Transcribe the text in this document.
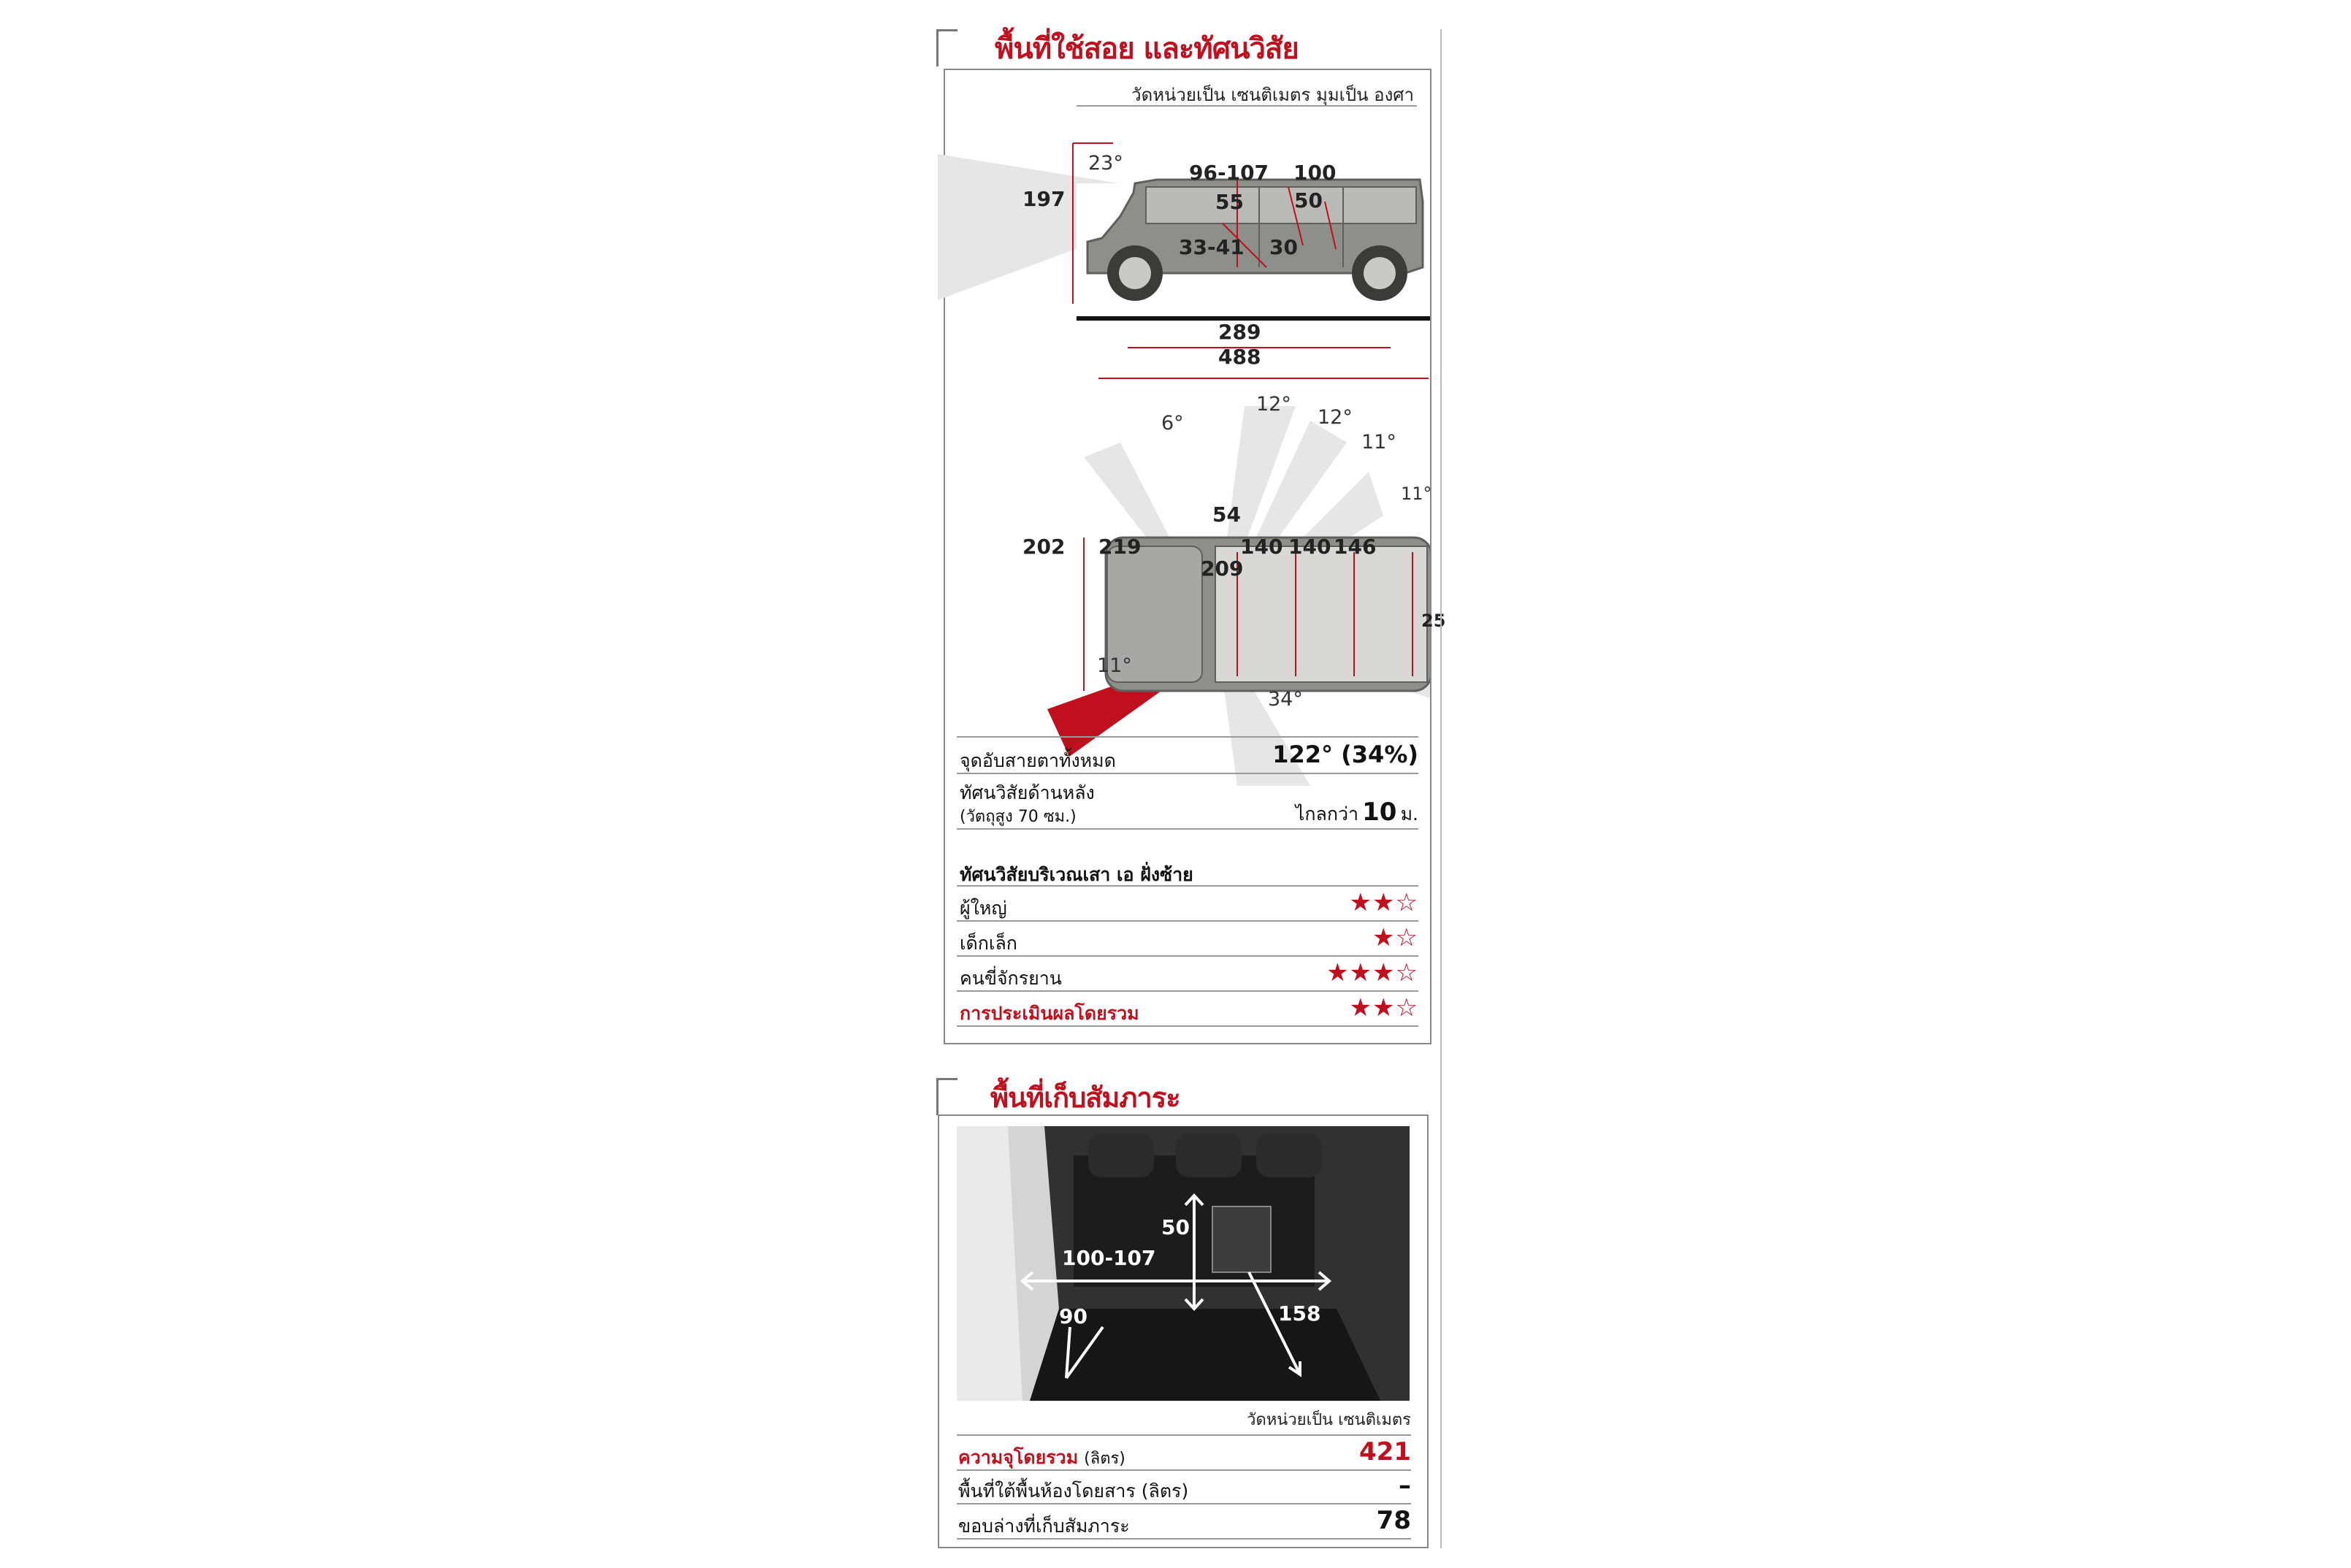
พื้นที่ใช้สอย และทัศนวิสัย
วัดหน่วยเป็น เซนติเมตร มุมเป็น องศา
197
23°	96-107 100
55 50
33-41 30
289
488
202 219
54
140 140 146
209
25
6°
12°
12°
11°
11°
11°
34°
จุดอับสายตาทั้งหมด	122° (34%)
ทัศนวิสัยด้านหลัง
(วัตถุสูง 70 ซม.)	ไกลกว่า 10 ม.
ทัศนวิสัยบริเวณเสา เอ ฝั่งซ้าย
ผู้ใหญ่	★★☆
เด็กเล็ก	★☆
คนขี่จักรยาน	★★★☆
การประเมินผลโดยรวม	★★☆
พื้นที่เก็บสัมภาระ
50
100-107
90	158
วัดหน่วยเป็น เซนติเมตร
ความจุโดยรวม (ลิตร)	421
พื้นที่ใต้พื้นห้องโดยสาร (ลิตร)	–
ขอบล่างที่เก็บสัมภาระ	78
